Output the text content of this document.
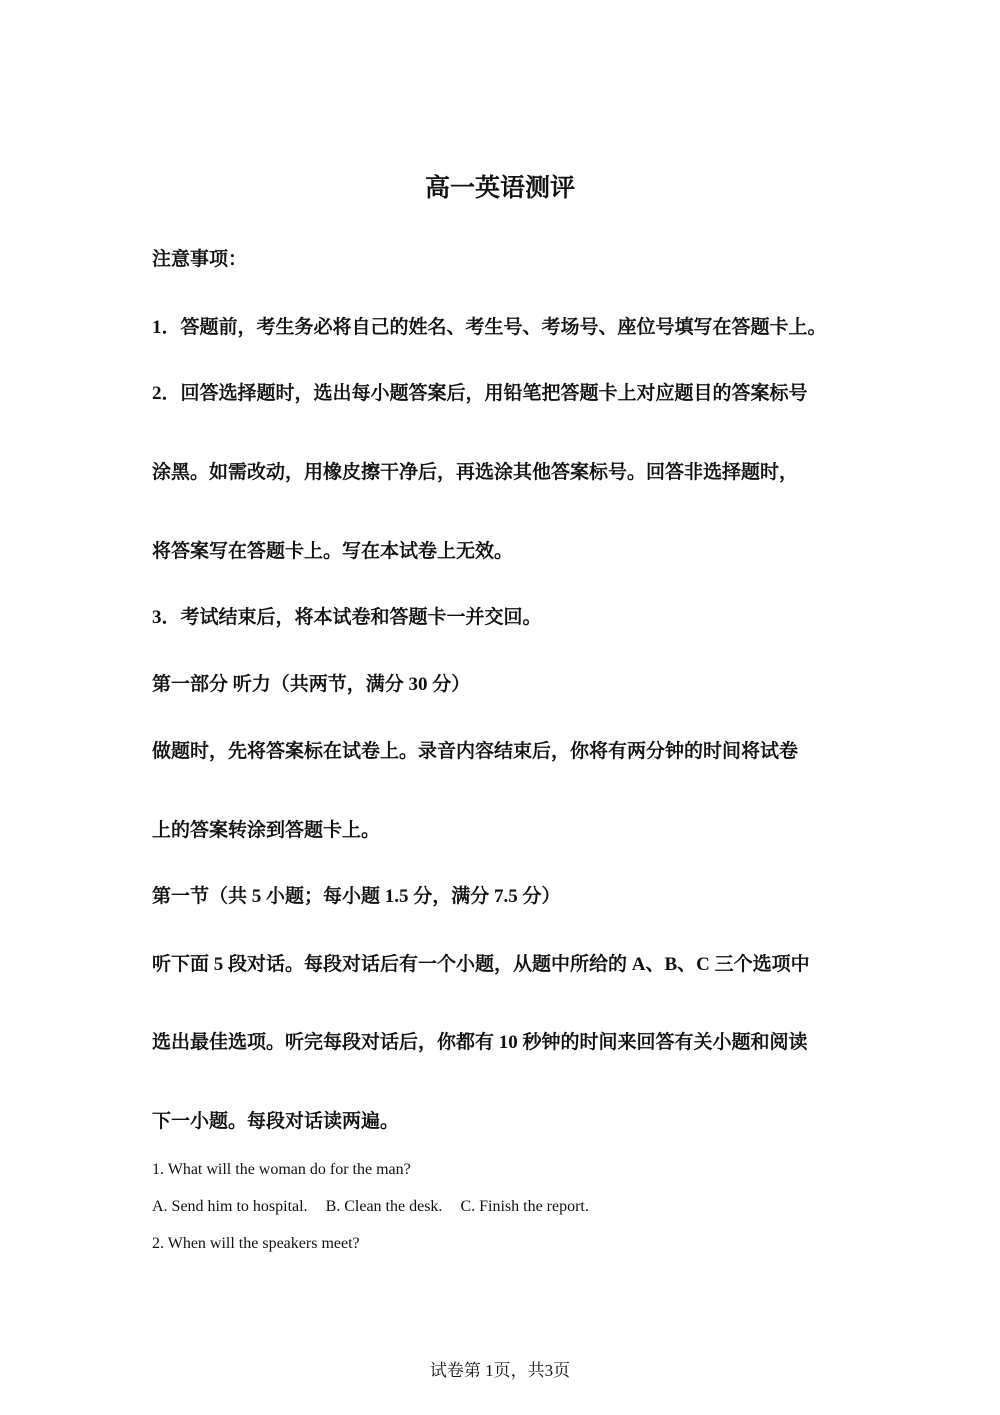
高一英语测评
注意事项：
1．答题前，考生务必将自己的姓名、考生号、考场号、座位号填写在答题卡上。
2．回答选择题时，选出每小题答案后，用铅笔把答题卡上对应题目的答案标号
涂黑。如需改动，用橡皮擦干净后，再选涂其他答案标号。回答非选择题时，
将答案写在答题卡上。写在本试卷上无效。
3．考试结束后，将本试卷和答题卡一并交回。
第一部分 听力（共两节，满分 30 分）
做题时，先将答案标在试卷上。录音内容结束后，你将有两分钟的时间将试卷
上的答案转涂到答题卡上。
第一节（共 5 小题；每小题 1.5 分，满分 7.5 分）
听下面 5 段对话。每段对话后有一个小题，从题中所给的 A、B、C 三个选项中
选出最佳选项。听完每段对话后，你都有 10 秒钟的时间来回答有关小题和阅读
下一小题。每段对话读两遍。
1. What will the woman do for the man?
A. Send him to hospital. B. Clean the desk. C. Finish the report.
2. When will the speakers meet?
试卷第 1页，共3页
